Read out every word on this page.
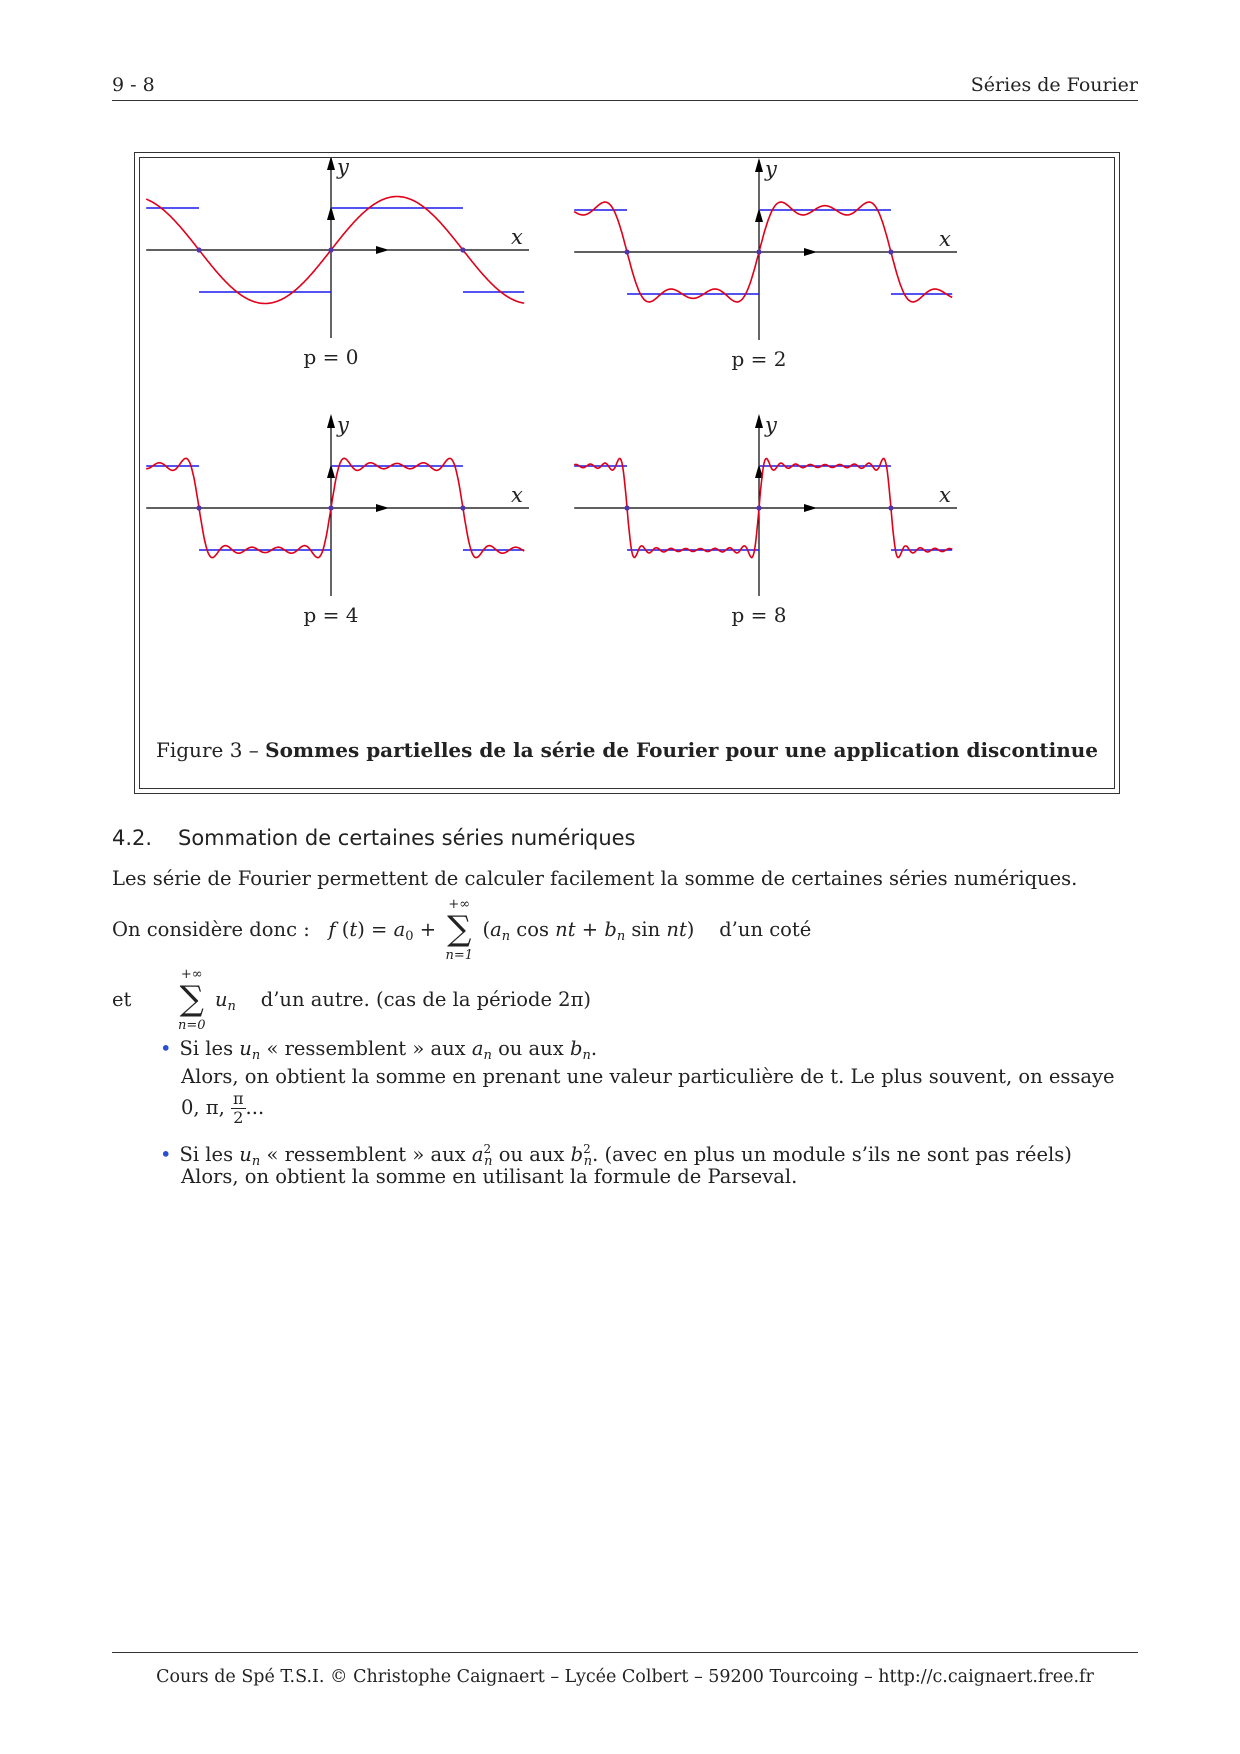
9 - 8	Séries de Fourier
x
y
p = 0
x
y
p = 2
x
y
p = 4
x
y
p = 8
Figure 3 – Sommes partielles de la série de Fourier pour une application discontinue
4.2. Sommation de certaines séries numériques
Les série de Fourier permettent de calculer facilement la somme de certaines séries numériques.
On considère donc : f $(t) = a_0$ +
+∞
∑
n=1
($a_n$ cos nt + $b_n$ sin nt)    d’un coté
et
+∞
∑
n=0
$u_n$ d’un autre. (cas de la période 2π)
• Si les $u_n$ « ressemblent » aux $a_n$ ou aux $b_n$.
Alors, on obtient la somme en prenant une valeur particulière de t. Le plus souvent, on essaye
0, π, $\frac{\pi}{2}$ ...
• Si les $u_n$ « ressemblent » aux $a^2_n$ ou aux $b^2_n$. (avec en plus un module s’ils ne sont pas réels)
Alors, on obtient la somme en utilisant la formule de Parseval.
Cours de Spé T.S.I. © Christophe Caignaert – Lycée Colbert – 59200 Tourcoing – http://c.caignaert.free.fr
